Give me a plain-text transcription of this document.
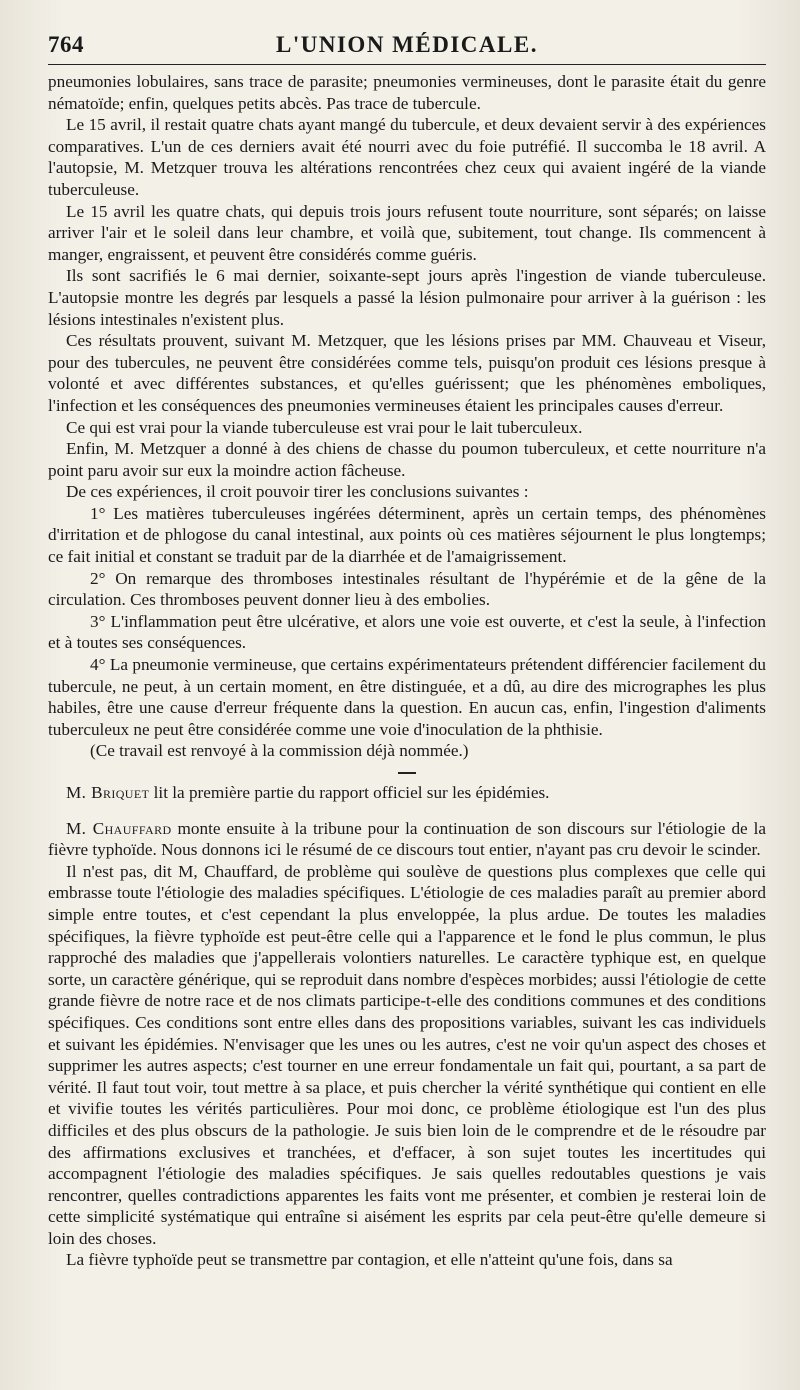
764	L'UNION MÉDICALE.

pneumonies lobulaires, sans trace de parasite; pneumonies vermineuses, dont le parasite était du genre nématoïde; enfin, quelques petits abcès. Pas trace de tubercule.

Le 15 avril, il restait quatre chats ayant mangé du tubercule, et deux devaient servir à des expériences comparatives. L'un de ces derniers avait été nourri avec du foie putréfié. Il succomba le 18 avril. A l'autopsie, M. Metzquer trouva les altérations rencontrées chez ceux qui avaient ingéré de la viande tuberculeuse.

Le 15 avril les quatre chats, qui depuis trois jours refusent toute nourriture, sont séparés; on laisse arriver l'air et le soleil dans leur chambre, et voilà que, subitement, tout change. Ils commencent à manger, engraissent, et peuvent être considérés comme guéris.

Ils sont sacrifiés le 6 mai dernier, soixante-sept jours après l'ingestion de viande tuberculeuse. L'autopsie montre les degrés par lesquels a passé la lésion pulmonaire pour arriver à la guérison : les lésions intestinales n'existent plus.

Ces résultats prouvent, suivant M. Metzquer, que les lésions prises par MM. Chauveau et Viseur, pour des tubercules, ne peuvent être considérées comme tels, puisqu'on produit ces lésions presque à volonté et avec différentes substances, et qu'elles guérissent; que les phénomènes emboliques, l'infection et les conséquences des pneumonies vermineuses étaient les principales causes d'erreur.

Ce qui est vrai pour la viande tuberculeuse est vrai pour le lait tuberculeux.

Enfin, M. Metzquer a donné à des chiens de chasse du poumon tuberculeux, et cette nourriture n'a point paru avoir sur eux la moindre action fâcheuse.

De ces expériences, il croit pouvoir tirer les conclusions suivantes :

1° Les matières tuberculeuses ingérées déterminent, après un certain temps, des phénomènes d'irritation et de phlogose du canal intestinal, aux points où ces matières séjournent le plus longtemps; ce fait initial et constant se traduit par de la diarrhée et de l'amaigrissement.

2° On remarque des thromboses intestinales résultant de l'hypérémie et de la gêne de la circulation. Ces thromboses peuvent donner lieu à des embolies.

3° L'inflammation peut être ulcérative, et alors une voie est ouverte, et c'est la seule, à l'infection et à toutes ses conséquences.

4° La pneumonie vermineuse, que certains expérimentateurs prétendent différencier facilement du tubercule, ne peut, à un certain moment, en être distinguée, et a dû, au dire des micrographes les plus habiles, être une cause d'erreur fréquente dans la question. En aucun cas, enfin, l'ingestion d'aliments tuberculeux ne peut être considérée comme une voie d'inoculation de la phthisie.

(Ce travail est renvoyé à la commission déjà nommée.)

M. Briquet lit la première partie du rapport officiel sur les épidémies.

M. Chauffard monte ensuite à la tribune pour la continuation de son discours sur l'étiologie de la fièvre typhoïde. Nous donnons ici le résumé de ce discours tout entier, n'ayant pas cru devoir le scinder.

Il n'est pas, dit M, Chauffard, de problème qui soulève de questions plus complexes que celle qui embrasse toute l'étiologie des maladies spécifiques. L'étiologie de ces maladies paraît au premier abord simple entre toutes, et c'est cependant la plus enveloppée, la plus ardue. De toutes les maladies spécifiques, la fièvre typhoïde est peut-être celle qui a l'apparence et le fond le plus commun, le plus rapproché des maladies que j'appellerais volontiers naturelles. Le caractère typhique est, en quelque sorte, un caractère générique, qui se reproduit dans nombre d'espèces morbides; aussi l'étiologie de cette grande fièvre de notre race et de nos climats participe-t-elle des conditions communes et des conditions spécifiques. Ces conditions sont entre elles dans des propositions variables, suivant les cas individuels et suivant les épidémies. N'envisager que les unes ou les autres, c'est ne voir qu'un aspect des choses et supprimer les autres aspects; c'est tourner en une erreur fondamentale un fait qui, pourtant, a sa part de vérité. Il faut tout voir, tout mettre à sa place, et puis chercher la vérité synthétique qui contient en elle et vivifie toutes les vérités particulières. Pour moi donc, ce problème étiologique est l'un des plus difficiles et des plus obscurs de la pathologie. Je suis bien loin de le comprendre et de le résoudre par des affirmations exclusives et tranchées, et d'effacer, à son sujet toutes les incertitudes qui accompagnent l'étiologie des maladies spécifiques. Je sais quelles redoutables questions je vais rencontrer, quelles contradictions apparentes les faits vont me présenter, et combien je resterai loin de cette simplicité systématique qui entraîne si aisément les esprits par cela peut-être qu'elle demeure si loin des choses.

La fièvre typhoïde peut se transmettre par contagion, et elle n'atteint qu'une fois, dans sa
